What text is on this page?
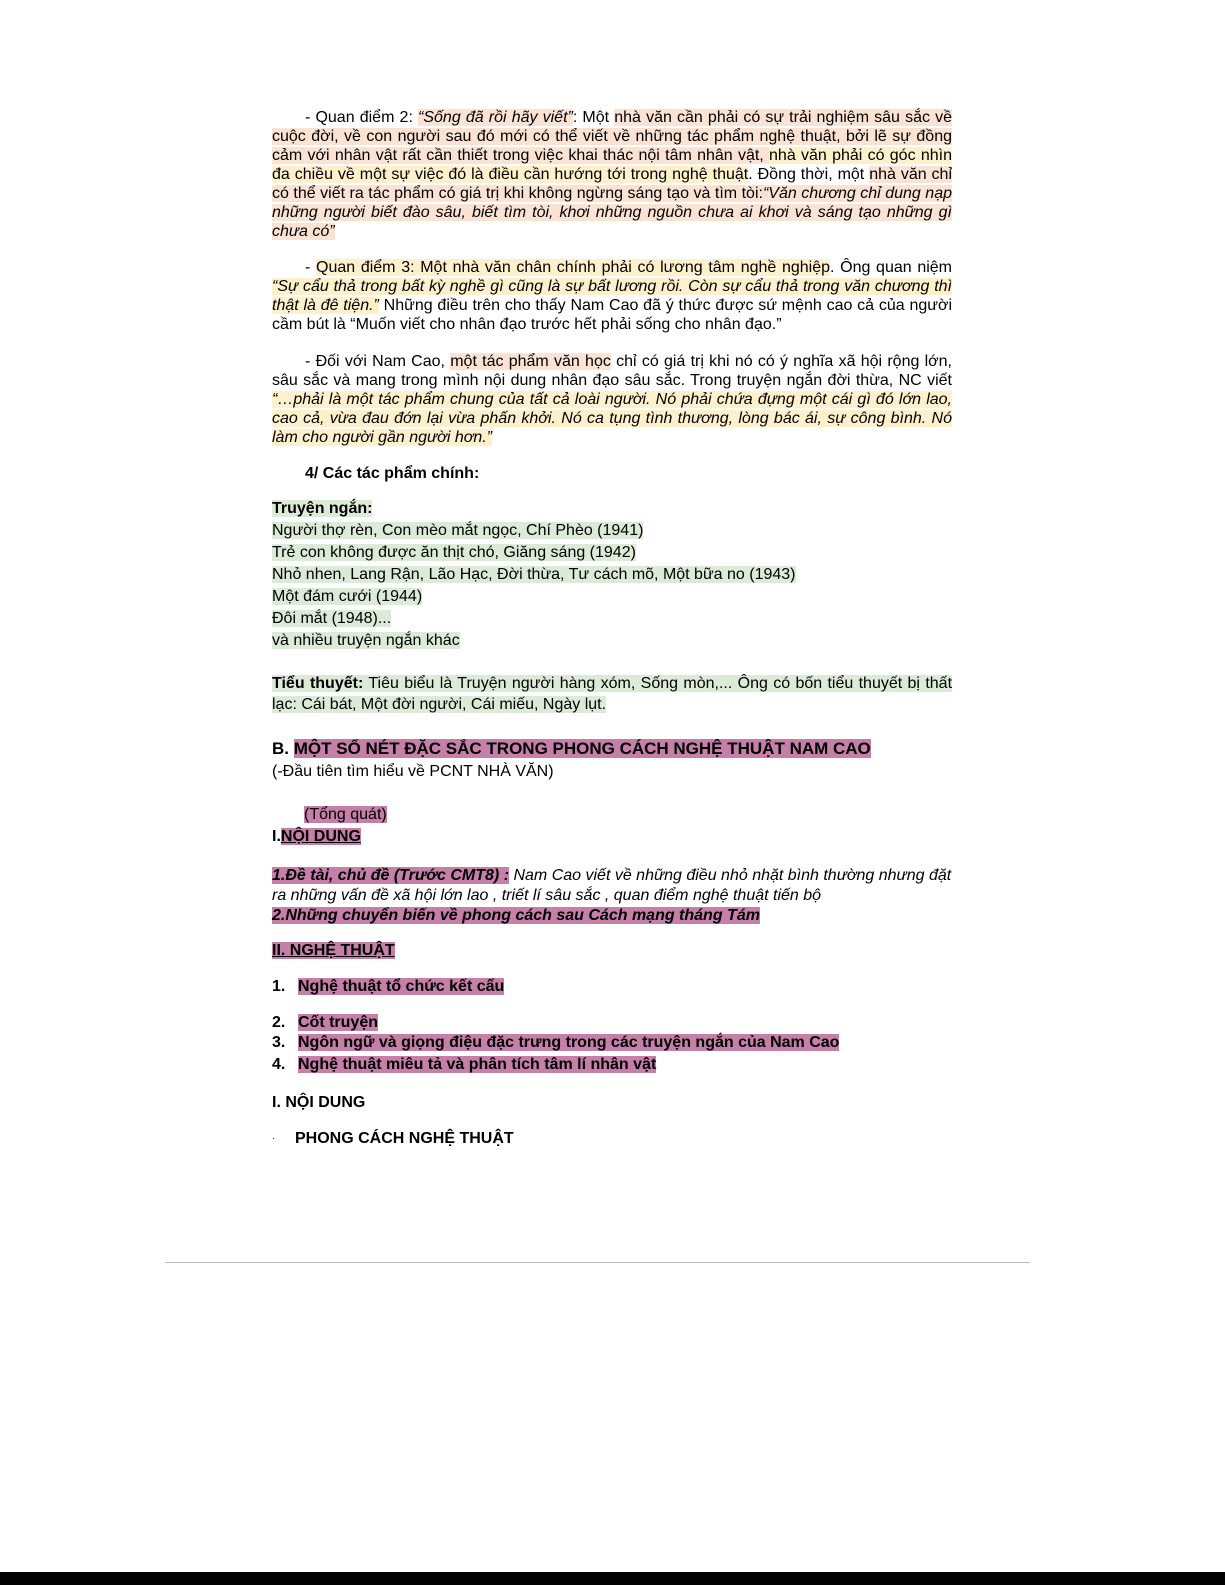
- Quan điểm 2: “Sống đã rồi hãy viết”: Một nhà văn cần phải có sự trải nghiệm sâu sắc về cuộc đời, về con người sau đó mới có thể viết về những tác phẩm nghệ thuật, bởi lẽ sự đồng cảm với nhân vật rất cần thiết trong việc khai thác nội tâm nhân vật, nhà văn phải có góc nhìn đa chiều về một sự việc đó là điều cần hướng tới trong nghệ thuật. Đồng thời, một nhà văn chỉ có thể viết ra tác phẩm có giá trị khi không ngừng sáng tạo và tìm tòi:“Văn chương chỉ dung nạp những người biết đào sâu, biết tìm tòi, khơi những nguồn chưa ai khơi và sáng tạo những gì chưa có”
- Quan điểm 3: Một nhà văn chân chính phải có lương tâm nghề nghiệp. Ông quan niệm “Sự cẩu thả trong bất kỳ nghề gì cũng là sự bất lương rồi. Còn sự cẩu thả trong văn chương thì thật là đê tiện.” Những điều trên cho thấy Nam Cao đã ý thức được sứ mệnh cao cả của người cầm bút là “Muốn viết cho nhân đạo trước hết phải sống cho nhân đạo.”
- Đối với Nam Cao, một tác phẩm văn học chỉ có giá trị khi nó có ý nghĩa xã hội rộng lớn, sâu sắc và mang trong mình nội dung nhân đạo sâu sắc. Trong truyện ngắn đời thừa, NC viết “…phải là một tác phẩm chung của tất cả loài người. Nó phải chứa đựng một cái gì đó lớn lao, cao cả, vừa đau đớn lại vừa phấn khởi. Nó ca tụng tình thương, lòng bác ái, sự công bình. Nó làm cho người gần người hơn.”
4/ Các tác phẩm chính:
Truyện ngắn:
Người thợ rèn, Con mèo mắt ngọc, Chí Phèo (1941)
Trẻ con không được ăn thịt chó, Giăng sáng (1942)
Nhỏ nhen, Lang Rận, Lão Hạc, Đời thừa, Tư cách mõ, Một bữa no (1943)
Một đám cưới (1944)
Đôi mắt (1948)...
và nhiều truyện ngắn khác
Tiểu thuyết: Tiêu biểu là Truyện người hàng xóm, Sống mòn,... Ông có bốn tiểu thuyết bị thất lạc: Cái bát, Một đời người, Cái miếu, Ngày lụt.
B. MỘT SỐ NÉT ĐẶC SẮC TRONG PHONG CÁCH NGHỆ THUẬT NAM CAO
(-Đầu tiên tìm hiểu về PCNT NHÀ VĂN)
(Tổng quát)
I.NỘI DUNG
1.Đề tài, chủ đề (Trước CMT8) : Nam Cao viết về những điều nhỏ nhặt bình thường nhưng đặt ra những vấn đề xã hội lớn lao , triết lí sâu sắc , quan điểm nghệ thuật tiến bộ
2.Những chuyển biến về phong cách sau Cách mạng tháng Tám
II. NGHỆ THUẬT
1. Nghệ thuật tổ chức kết cấu
2. Cốt truyện
3. Ngôn ngữ và giọng điệu đặc trưng trong các truyện ngắn của Nam Cao
4. Nghệ thuật miêu tả và phân tích tâm lí nhân vật
I. NỘI DUNG
· PHONG CÁCH NGHỆ THUẬT
